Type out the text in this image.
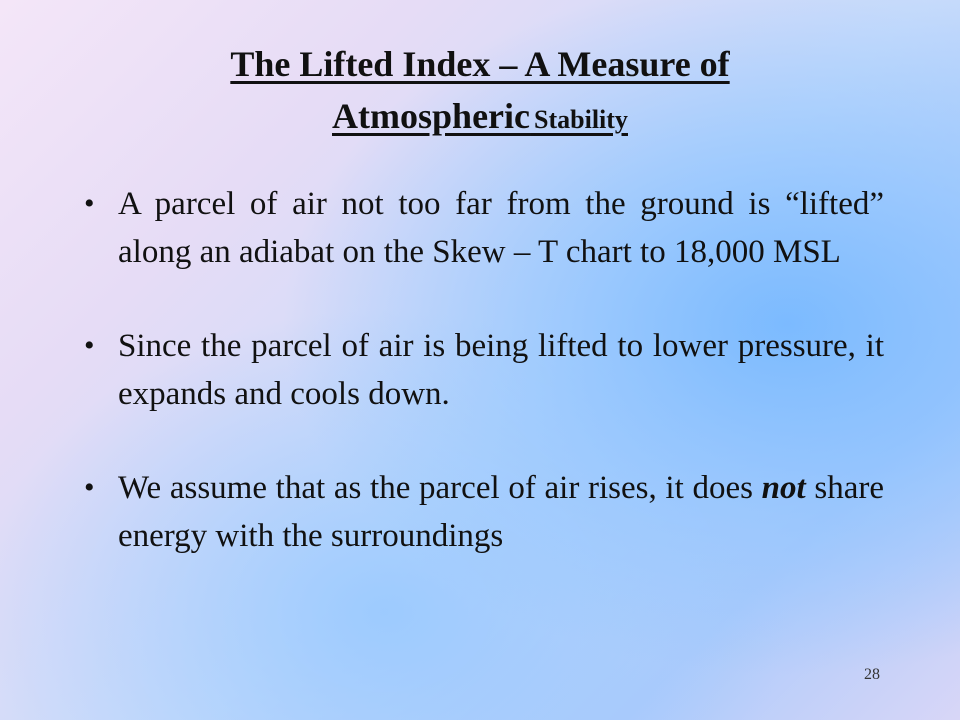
The Lifted Index – A Measure of
Atmospheric Stability
• A parcel of air not too far from the ground is “lifted” along an adiabat on the Skew – T chart to 18,000 MSL
• Since the parcel of air is being lifted to lower pressure, it expands and cools down.
• We assume that as the parcel of air rises, it does not share energy with the surroundings
28
